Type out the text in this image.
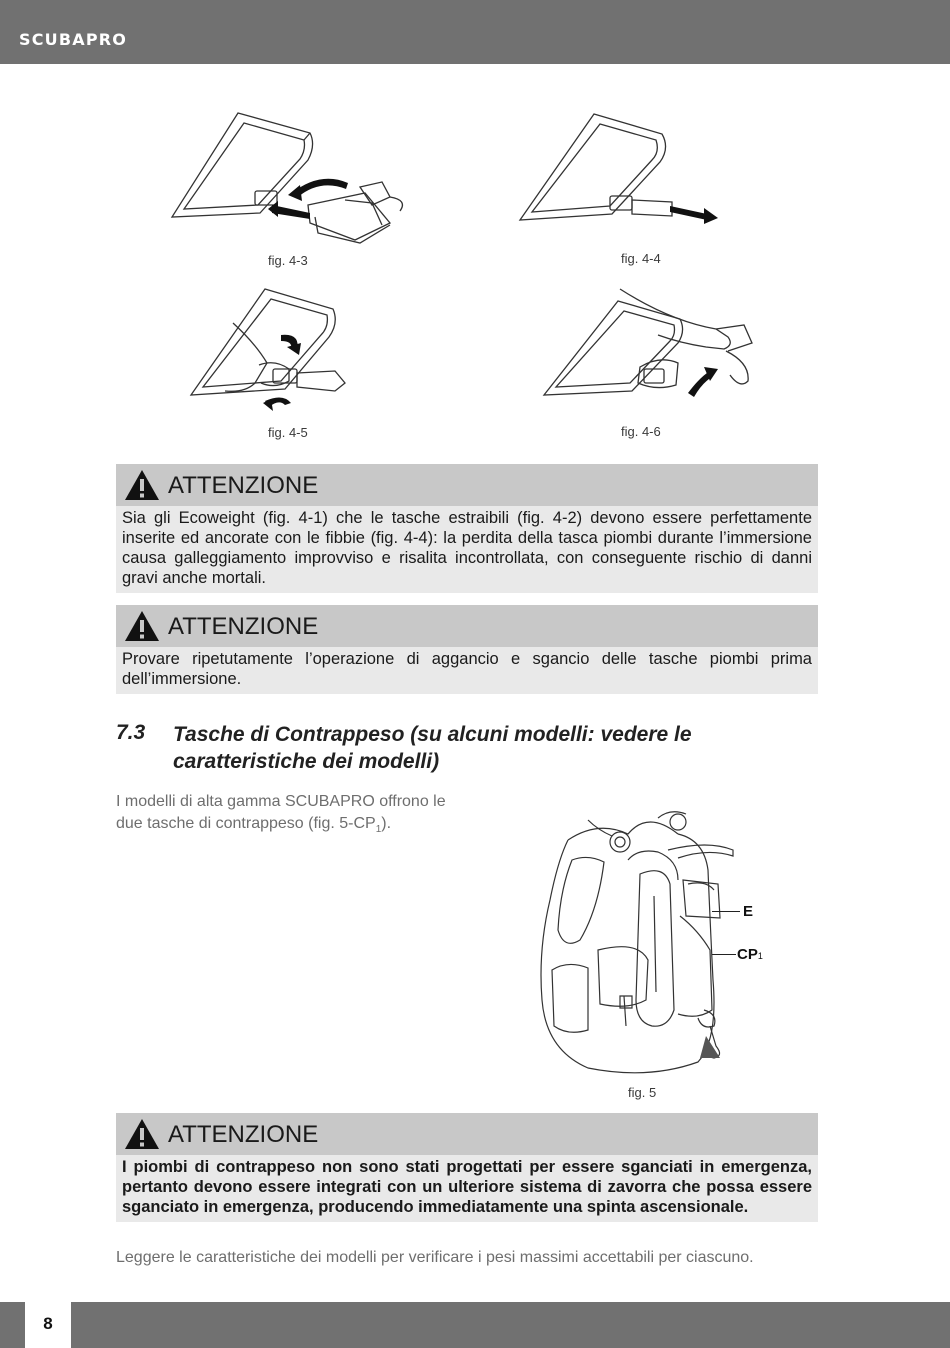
SCUBAPRO
fig. 4-3	fig. 4-4
fig. 4-5	fig. 4-6
ATTENZIONE
Sia gli Ecoweight (fig. 4-1) che le tasche estraibili (fig. 4-2) devono essere perfettamente inserite ed ancorate con le fibbie (fig. 4-4): la perdita della tasca piombi durante l’immersione causa galleggiamento improvviso e risalita incontrollata, con conseguente rischio di danni gravi anche mortali.
ATTENZIONE
Provare ripetutamente l’operazione di aggancio e sgancio delle tasche piombi prima dell’immersione.
7.3 Tasche di Contrappeso (su alcuni modelli: vedere le caratteristiche dei modelli)
I modelli di alta gamma SCUBAPRO offrono le due tasche di contrappeso (fig. $5-CP_1$).
E
CP1
fig. 5
ATTENZIONE
I piombi di contrappeso non sono stati progettati per essere sganciati in emergenza, pertanto devono essere integrati con un ulteriore sistema di zavorra che possa essere sganciato in emergenza, producendo immediatamente una spinta ascensionale.
Leggere le caratteristiche dei modelli per verificare i pesi massimi accettabili per ciascuno.
8
